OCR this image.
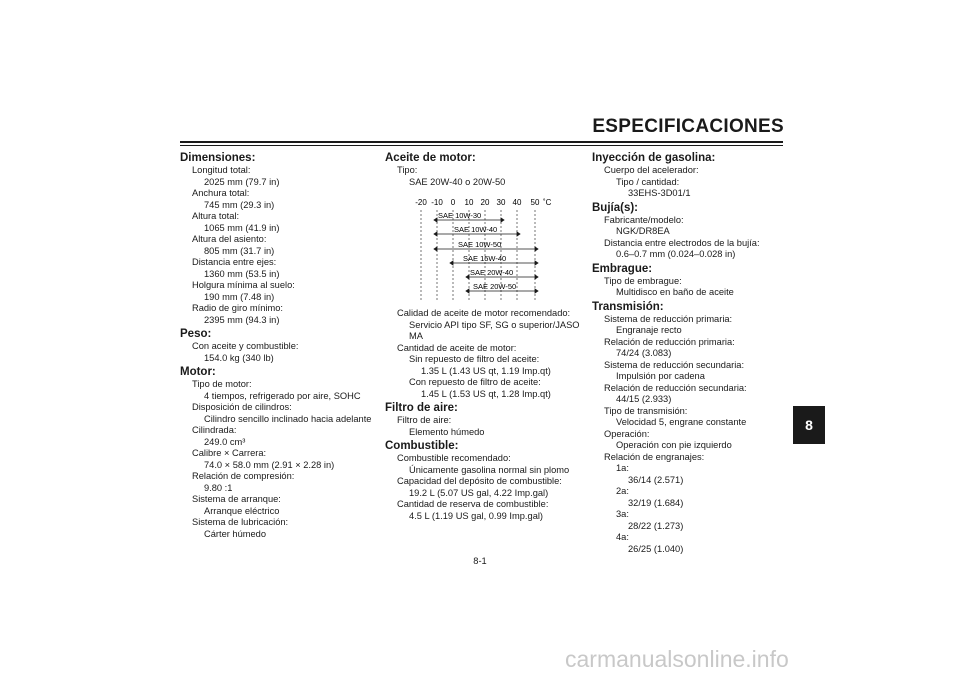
ESPECIFICACIONES
8
Dimensiones:
Longitud total:
2025 mm (79.7 in)
Anchura total:
745 mm (29.3 in)
Altura total:
1065 mm (41.9 in)
Altura del asiento:
805 mm (31.7 in)
Distancia entre ejes:
1360 mm (53.5 in)
Holgura mínima al suelo:
190 mm (7.48 in)
Radio de giro mínimo:
2395 mm (94.3 in)
Peso:
Con aceite y combustible:
154.0 kg (340 lb)
Motor:
Tipo de motor:
4 tiempos, refrigerado por aire, SOHC
Disposición de cilindros:
Cilindro sencillo inclinado hacia adelante
Cilindrada:
249.0 cm³
Calibre × Carrera:
74.0 × 58.0 mm (2.91 × 2.28 in)
Relación de compresión:
9.80 :1
Sistema de arranque:
Arranque eléctrico
Sistema de lubricación:
Cárter húmedo
Aceite de motor:
Tipo:
SAE 20W-40 o 20W-50
-20 -10 0 10 20 30 40 50 ˚C
SAE 10W-30
SAE 10W-40
SAE 10W-50
SAE 15W-40
SAE 20W-40
SAE 20W-50
Calidad de aceite de motor recomendado:
Servicio API tipo SF, SG o superior/JASO
MA
Cantidad de aceite de motor:
Sin repuesto de filtro del aceite:
1.35 L (1.43 US qt, 1.19 Imp.qt)
Con repuesto de filtro de aceite:
1.45 L (1.53 US qt, 1.28 Imp.qt)
Filtro de aire:
Filtro de aire:
Elemento húmedo
Combustible:
Combustible recomendado:
Únicamente gasolina normal sin plomo
Capacidad del depósito de combustible:
19.2 L (5.07 US gal, 4.22 Imp.gal)
Cantidad de reserva de combustible:
4.5 L (1.19 US gal, 0.99 Imp.gal)
Inyección de gasolina:
Cuerpo del acelerador:
Tipo / cantidad:
33EHS-3D01/1
Bujía(s):
Fabricante/modelo:
NGK/DR8EA
Distancia entre electrodos de la bujía:
0.6–0.7 mm (0.024–0.028 in)
Embrague:
Tipo de embrague:
Multidisco en baño de aceite
Transmisión:
Sistema de reducción primaria:
Engranaje recto
Relación de reducción primaria:
74/24 (3.083)
Sistema de reducción secundaria:
Impulsión por cadena
Relación de reducción secundaria:
44/15 (2.933)
Tipo de transmisión:
Velocidad 5, engrane constante
Operación:
Operación con pie izquierdo
Relación de engranajes:
1a:
36/14 (2.571)
2a:
32/19 (1.684)
3a:
28/22 (1.273)
4a:
26/25 (1.040)
8-1
carmanualsonline.info
